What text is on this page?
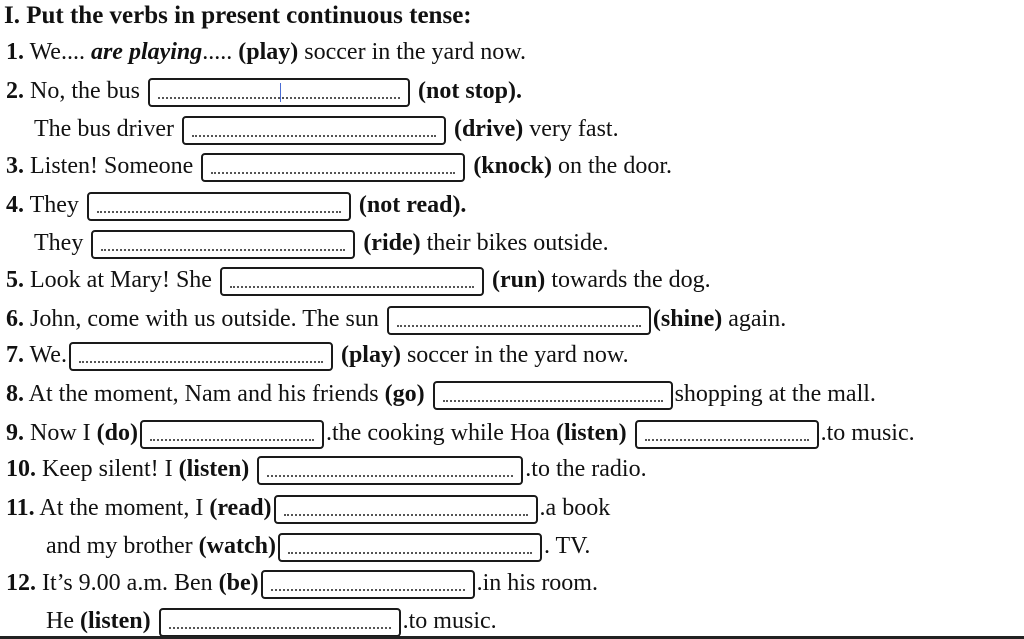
I. Put the verbs in present continuous tense:
1. We.... are playing..... (play) soccer in the yard now.
2. No, the bus	(not stop).
The bus driver	(drive) very fast.
3. Listen! Someone	(knock) on the door.
4. They	(not read).
They	(ride) their bikes outside.
5. Look at Mary! She	(run) towards the dog.
6. John, come with us outside. The sun	(shine) again.
7. We.	(play) soccer in the yard now.
8. At the moment, Nam and his friends (go)	shopping at the mall.
9. Now I (do)	.the cooking while Hoa (listen)	.to music.
10. Keep silent! I (listen)	.to the radio.
11. At the moment, I (read)	.a book
and my brother (watch)	. TV.
12. It’s 9.00 a.m. Ben (be)	.in his room.
He (listen)	.to music.
